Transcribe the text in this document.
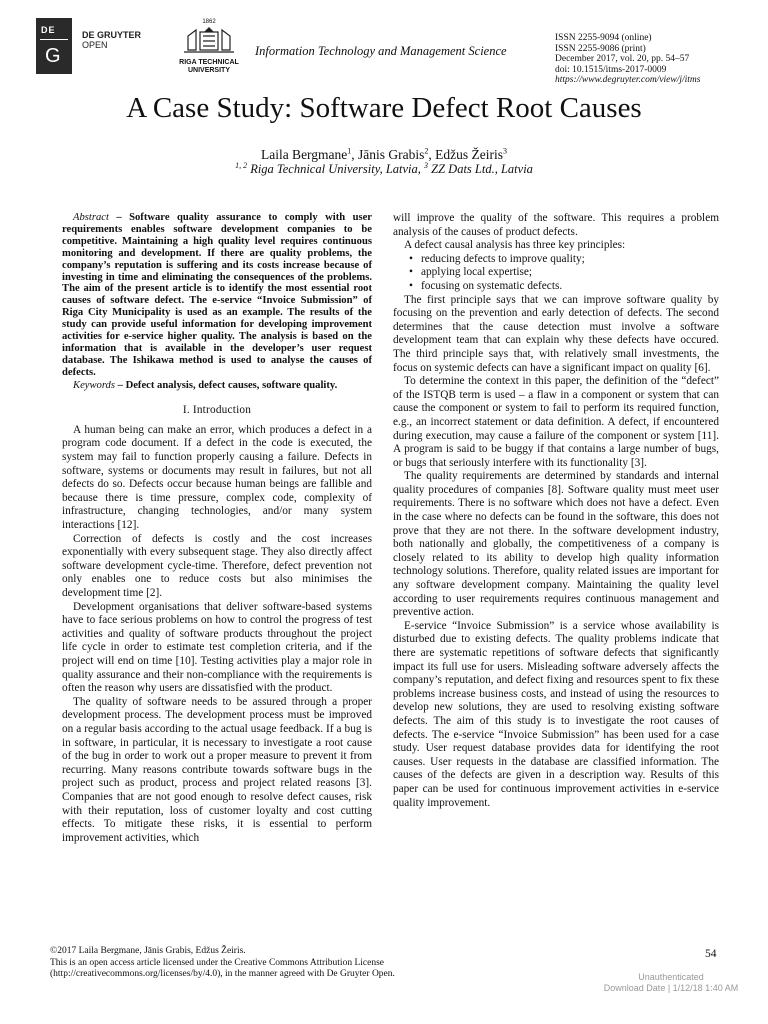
DE
G
DE GRUYTER
OPEN
1862
RIGA TECHNICAL
UNIVERSITY
Information Technology and Management Science
ISSN 2255-9094 (online)
ISSN 2255-9086 (print)
December 2017, vol. 20, pp. 54–57
doi: 10.1515/itms-2017-0009
https://www.degruyter.com/view/j/itms
A Case Study: Software Defect Root Causes
Laila Bergmane$^1$, Jānis Grabis$^2$, Edžus Žeiris$^3$
$^{1, 2}$ Riga Technical University, Latvia, $^3$ ZZ Dats Ltd., Latvia

Abstract – Software quality assurance to comply with user requirements enables software development companies to be competitive. Maintaining a high quality level requires continuous monitoring and development. If there are quality problems, the company’s reputation is suffering and its costs increase because of investing in time and eliminating the consequences of the problems. The aim of the present article is to identify the most essential root causes of software defect. The e-service “Invoice Submission” of Riga City Municipality is used as an example. The results of the study can provide useful information for developing improvement activities for e-service higher quality. The analysis is based on the information that is available in the developer’s user request database. The Ishikawa method is used to analyse the causes of defects.

Keywords – Defect analysis, defect causes, software quality.

I. Introduction

A human being can make an error, which produces a defect in a program code document. If a defect in the code is executed, the system may fail to function properly causing a failure. Defects in software, systems or documents may result in failures, but not all defects do so. Defects occur because human beings are fallible and because there is time pressure, complex code, complexity of infrastructure, changing technologies, and/or many system interactions [12].

Correction of defects is costly and the cost increases exponentially with every subsequent stage. They also directly affect software development cycle-time. Therefore, defect prevention not only enables one to reduce costs but also minimises the development time [2].

Development organisations that deliver software-based systems have to face serious problems on how to control the progress of test activities and quality of software products throughout the project life cycle in order to estimate test completion criteria, and if the project will end on time [10]. Testing activities play a major role in quality assurance and their non-compliance with the requirements is often the reason why users are dissatisfied with the product.

The quality of software needs to be assured through a proper development process. The development process must be improved on a regular basis according to the actual usage feedback. If a bug is in software, in particular, it is necessary to investigate a root cause of the bug in order to work out a proper measure to prevent it from recurring. Many reasons contribute towards software bugs in the project such as product, process and project related reasons [3]. Companies that are not good enough to resolve defect causes, risk with their reputation, loss of customer loyalty and cost cutting effects. To mitigate these risks, it is essential to perform improvement activities, which

will improve the quality of the software. This requires a problem analysis of the causes of product defects.

A defect causal analysis has three key principles:

• reducing defects to improve quality;
• applying local expertise;
• focusing on systematic defects.

The first principle says that we can improve software quality by focusing on the prevention and early detection of defects. The second determines that the cause detection must involve a software development team that can explain why these defects have occured. The third principle says that, with relatively small investments, the focus on systemic defects can have a significant impact on quality [6].

To determine the context in this paper, the definition of the “defect” of the ISTQB term is used – a flaw in a component or system that can cause the component or system to fail to perform its required function, e.g., an incorrect statement or data definition. A defect, if encountered during execution, may cause a failure of the component or system [11]. A program is said to be buggy if that contains a large number of bugs, or bugs that seriously interfere with its functionality [3].

The quality requirements are determined by standards and internal quality procedures of companies [8]. Software quality must meet user requirements. There is no software which does not have a defect. Even in the case where no defects can be found in the software, this does not prove that they are not there. In the software development industry, both nationally and globally, the competitiveness of a company is closely related to its ability to develop high quality information technology solutions. Therefore, quality related issues are important for any software development company. Maintaining the quality level according to user requirements requires continuous management and preventive action.

E-service “Invoice Submission” is a service whose availability is disturbed due to existing defects. The quality problems indicate that there are systematic repetitions of software defects that significantly impact its full use for users. Misleading software adversely affects the company’s reputation, and defect fixing and resources spent to fix these problems increase business costs, and instead of using the resources to develop new solutions, they are used to resolving existing software defects. The aim of this study is to investigate the root causes of defects. The e-service “Invoice Submission” has been used for a case study. User request database provides data for identifying the root causes. User requests in the database are classified information. The causes of the defects are given in a description way. Results of this paper can be used for continuous improvement activities in e-service quality improvement.

©2017 Laila Bergmane, Jānis Grabis, Edžus Žeiris.
This is an open access article licensed under the Creative Commons Attribution License
(http://creativecommons.org/licenses/by/4.0), in the manner agreed with De Gruyter Open.
54
Unauthenticated
Download Date | 1/12/18 1:40 AM
